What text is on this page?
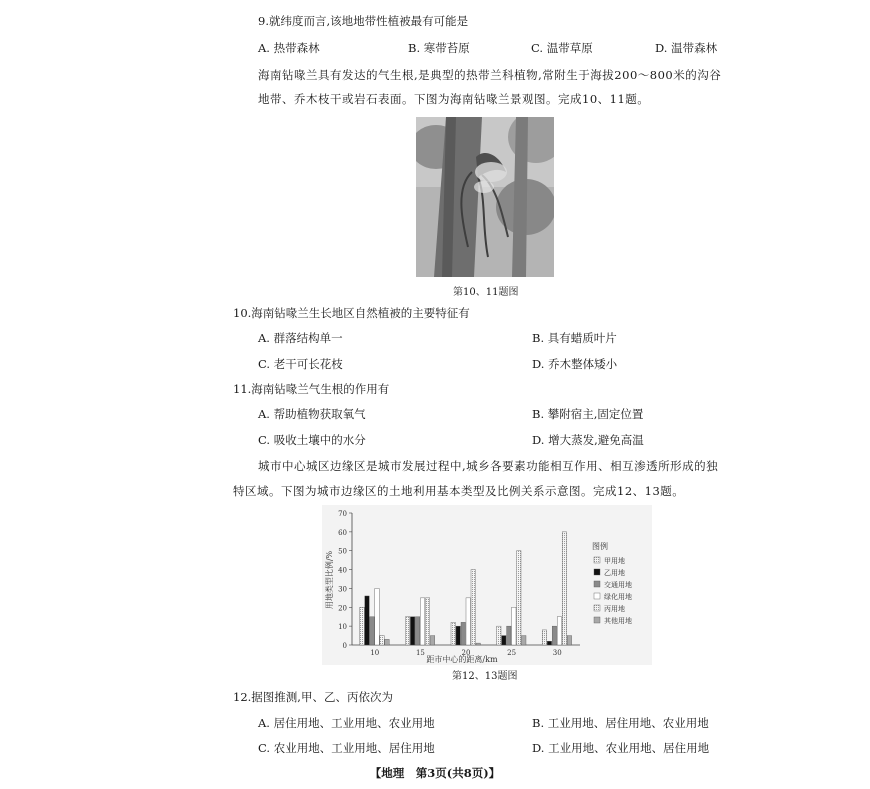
9.就纬度而言,该地地带性植被最有可能是
A. 热带森林	B. 寒带苔原	C. 温带草原	D. 温带森林
海南钻喙兰具有发达的气生根,是典型的热带兰科植物,常附生于海拔200～800米的沟谷
地带、乔木枝干或岩石表面。下图为海南钻喙兰景观图。完成10、11题。
第10、11题图
10.海南钻喙兰生长地区自然植被的主要特征有
A. 群落结构单一	B. 具有蜡质叶片
C. 老干可长花枝	D. 乔木整体矮小
11.海南钻喙兰气生根的作用有
A. 帮助植物获取氧气	B. 攀附宿主,固定位置
C. 吸收土壤中的水分	D. 增大蒸发,避免高温
城市中心城区边缘区是城市发展过程中,城乡各要素功能相互作用、相互渗透所形成的独
特区域。下图为城市边缘区的土地利用基本类型及比例关系示意图。完成12、13题。
用地类型比例/%
距市中心的距离/km
0
10
20
30
40
50
60
70
10	15	20	25	30
图例
甲用地
乙用地
交通用地
绿化用地
丙用地
其他用地
第12、13题图
12.据图推测,甲、乙、丙依次为
A. 居住用地、工业用地、农业用地	B. 工业用地、居住用地、农业用地
C. 农业用地、工业用地、居住用地	D. 工业用地、农业用地、居住用地
【地理　第3页(共8页)】
